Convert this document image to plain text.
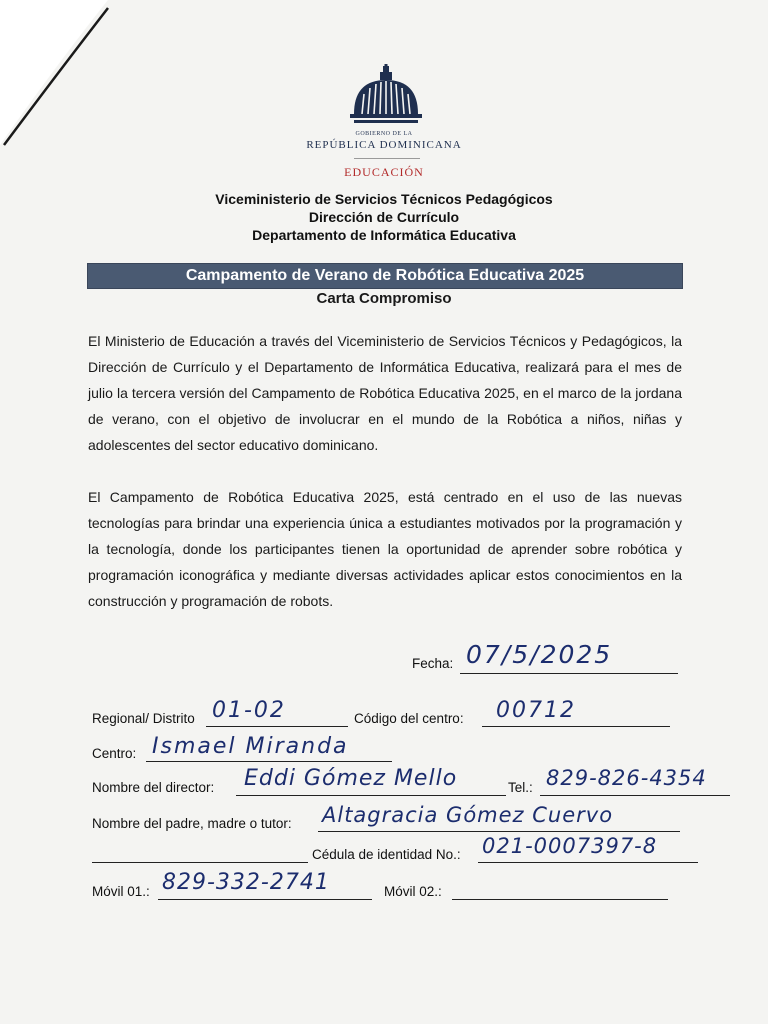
GOBIERNO DE LA
REPÚBLICA DOMINICANA
EDUCACIÓN
Viceministerio de Servicios Técnicos Pedagógicos
Dirección de Currículo
Departamento de Informática Educativa
Campamento de Verano de Robótica Educativa 2025
Carta Compromiso
El Ministerio de Educación a través del Viceministerio de Servicios Técnicos y Pedagógicos, la Dirección de Currículo y el Departamento de Informática Educativa, realizará para el mes de julio la tercera versión del Campamento de Robótica Educativa 2025, en el marco de la jordana de verano, con el objetivo de involucrar en el mundo de la Robótica a niños, niñas y adolescentes del sector educativo dominicano.
El Campamento de Robótica Educativa 2025, está centrado en el uso de las nuevas tecnologías para brindar una experiencia única a estudiantes motivados por la programación y la tecnología, donde los participantes tienen la oportunidad de aprender sobre robótica y programación iconográfica y mediante diversas actividades aplicar estos conocimientos en la construcción y programación de robots.
Fecha: 07/5/2025
Regional/ Distrito 01-02	Código del centro: 00712
Centro: Ismael Miranda
Nombre del director: Eddi Gómez Mello	Tel.: 829-826-4354
Nombre del padre, madre o tutor: Altagracia Gómez Cuervo
Cédula de identidad No.: 021-0007397-8
Móvil 01.: 829-332-2741	Móvil 02.:
